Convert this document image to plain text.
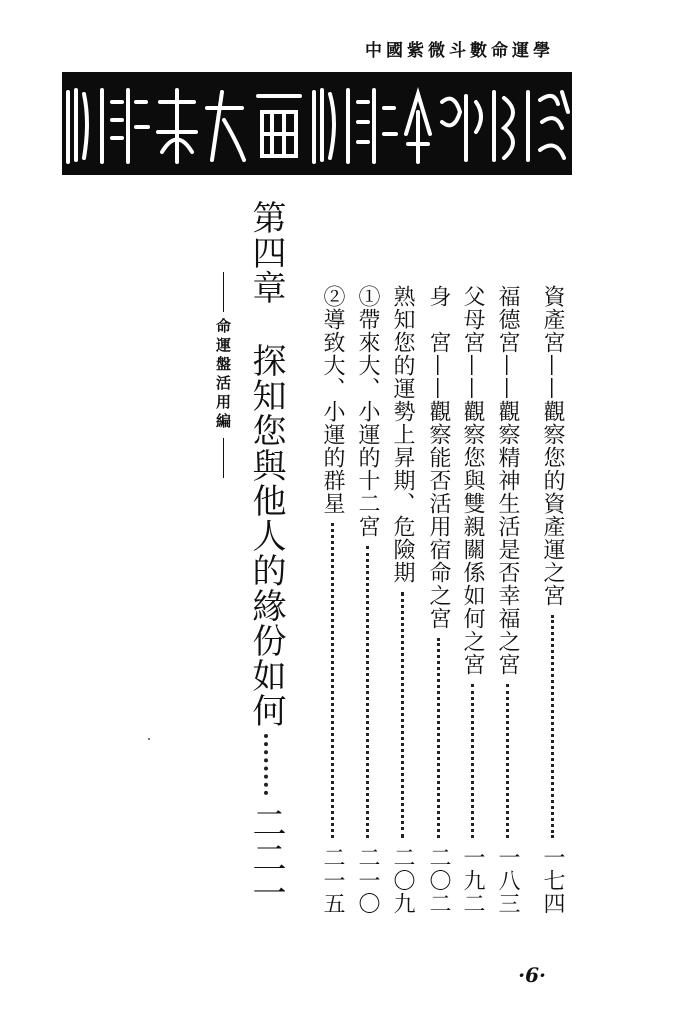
中國紫微斗數命運學
第四章
探知您與他人的緣份如何
二二一
命運盤活用編	資產宮——觀察您的資產運之宮
一七四
福德宮——觀察精神生活是否幸福之宮
一八三
父母宮——觀察您與雙親關係如何之宮
一九二
身　宮——觀察能否活用宿命之宮
二〇二
熟知您的運勢上昇期、危險期
二〇九
①帶來大、小運的十二宮
二一〇
②導致大、小運的群星
二一五
·6·
